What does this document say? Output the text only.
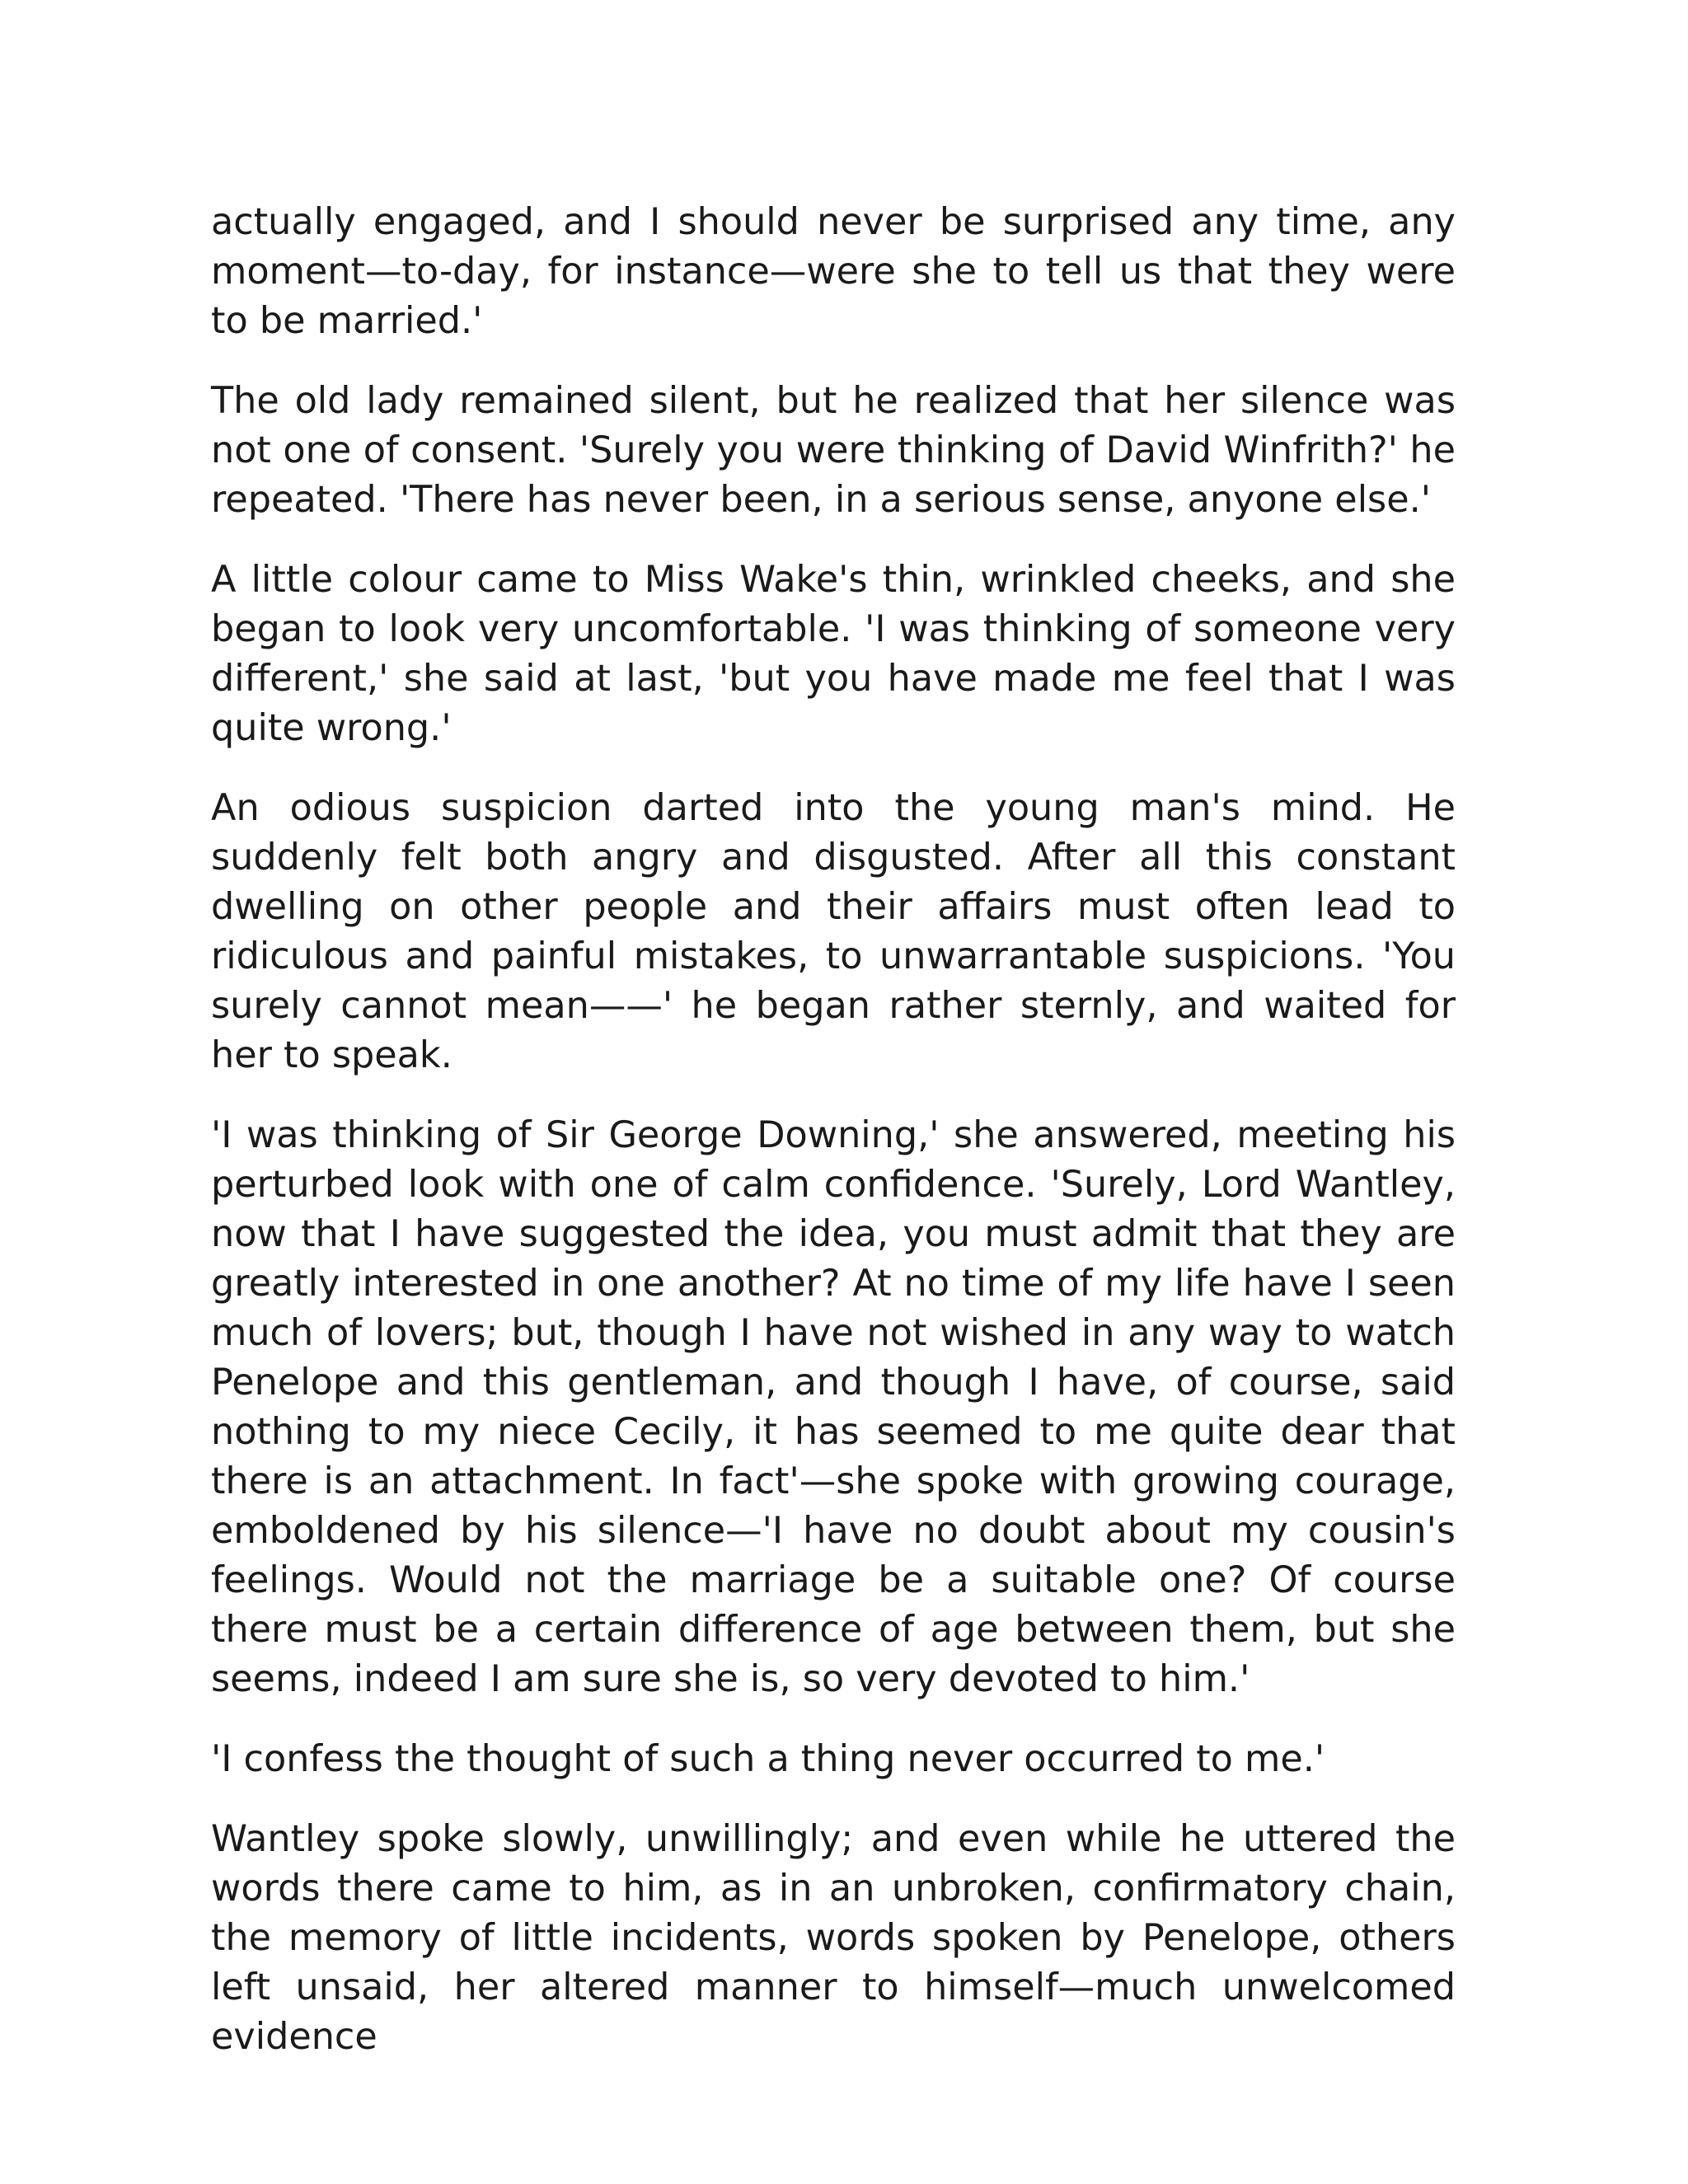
actually engaged, and I should never be surprised any time, any moment—to-day, for instance—were she to tell us that they were to be married.'

The old lady remained silent, but he realized that her silence was not one of consent. 'Surely you were thinking of David Winfrith?' he repeated. 'There has never been, in a serious sense, anyone else.'

A little colour came to Miss Wake's thin, wrinkled cheeks, and she began to look very uncomfortable. 'I was thinking of someone very different,' she said at last, 'but you have made me feel that I was quite wrong.'

An odious suspicion darted into the young man's mind. He suddenly felt both angry and disgusted. After all this constant dwelling on other people and their affairs must often lead to ridiculous and painful mistakes, to unwarrantable suspicions. 'You surely cannot mean——' he began rather sternly, and waited for her to speak.

'I was thinking of Sir George Downing,' she answered, meeting his perturbed look with one of calm confidence. 'Surely, Lord Wantley, now that I have suggested the idea, you must admit that they are greatly interested in one another? At no time of my life have I seen much of lovers; but, though I have not wished in any way to watch Penelope and this gentleman, and though I have, of course, said nothing to my niece Cecily, it has seemed to me quite dear that there is an attachment. In fact'—she spoke with growing courage, emboldened by his silence—'I have no doubt about my cousin's feelings. Would not the marriage be a suitable one? Of course there must be a certain difference of age between them, but she seems, indeed I am sure she is, so very devoted to him.'

'I confess the thought of such a thing never occurred to me.'

Wantley spoke slowly, unwillingly; and even while he uttered the words there came to him, as in an unbroken, confirmatory chain, the memory of little incidents, words spoken by Penelope, others left unsaid, her altered manner to himself—much unwelcomed evidence
